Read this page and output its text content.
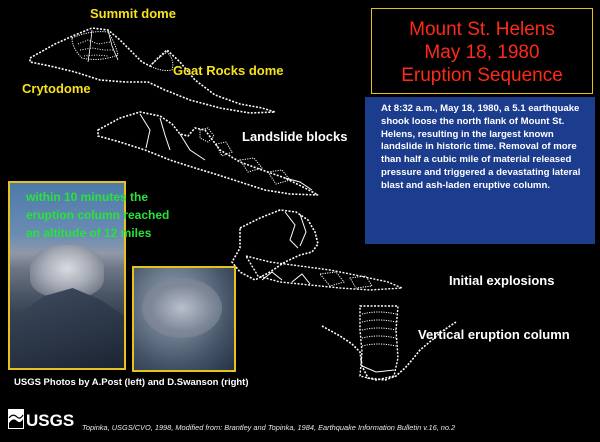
Summit dome
Goat Rocks dome
Crytodome
Landslide blocks
Initial explosions
Vertical eruption column
Mount St. Helens
May 18, 1980
Eruption Sequence
At 8:32 a.m., May 18, 1980, a 5.1 earthquake shook loose the north flank of Mount St. Helens, resulting in the largest known landslide in historic time. Removal of more than half a cubic mile of material released pressure and triggered a devastating lateral blast and ash-laden eruptive column.
within 10 minutes the
eruption column reached
an altitude of 12 miles
USGS Photos by A.Post (left) and D.Swanson (right)
USGS Topinka, USGS/CVO, 1998, Modified from: Brantley and Topinka, 1984, Earthquake Information Bulletin v.16, no.2
